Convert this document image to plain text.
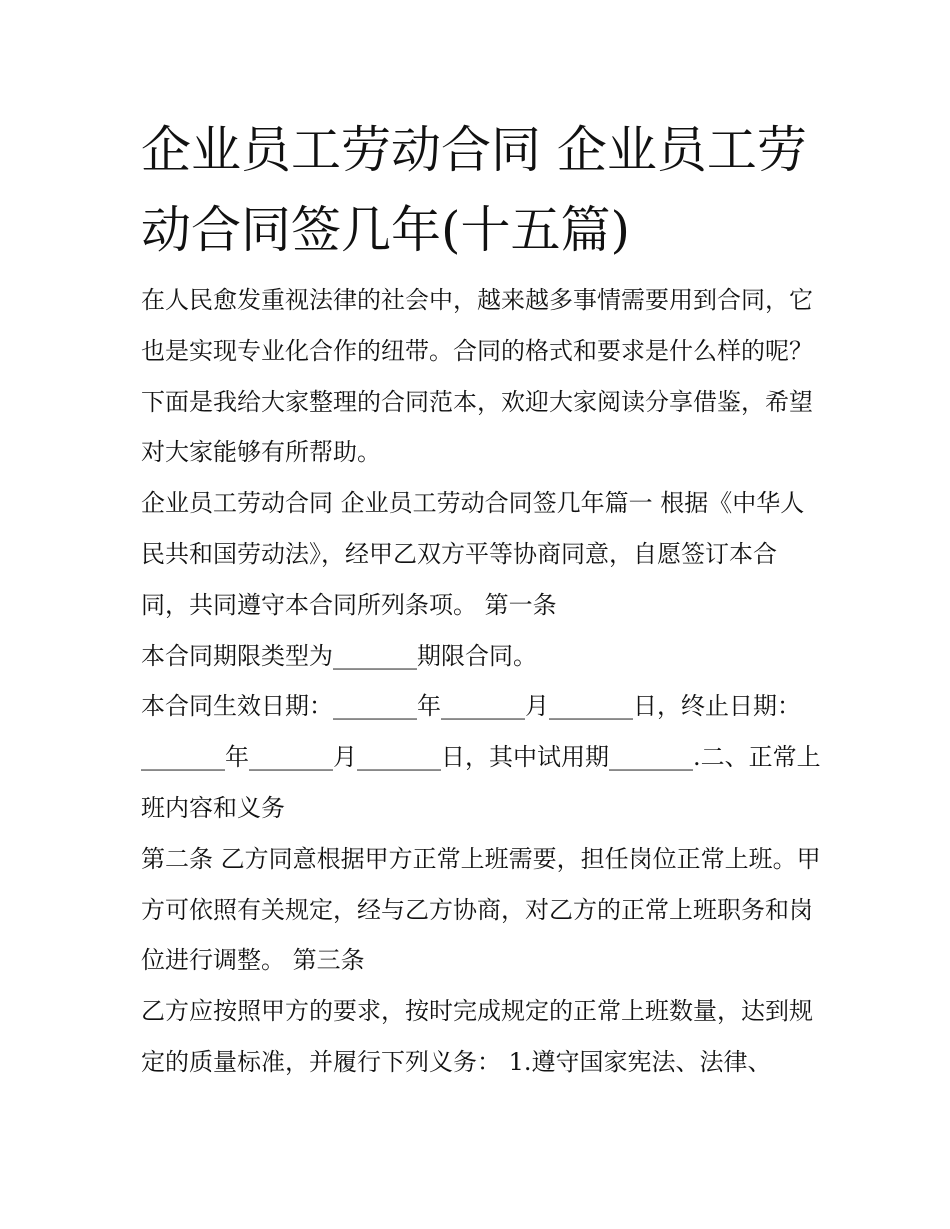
企业员工劳动合同 企业员工劳动合同签几年(十五篇)

在人民愈发重视法律的社会中，越来越多事情需要用到合同，它也是实现专业化合作的纽带。合同的格式和要求是什么样的呢？下面是我给大家整理的合同范本，欢迎大家阅读分享借鉴，希望对大家能够有所帮助。

企业员工劳动合同 企业员工劳动合同签几年篇一 根据《中华人民共和国劳动法》，经甲乙双方平等协商同意，自愿签订本合同，共同遵守本合同所列条项。 第一条

本合同期限类型为_______期限合同。

本合同生效日期：_______年_______月_______日，终止日期：_______年_______月_______日，其中试用期_______.二、正常上班内容和义务

第二条 乙方同意根据甲方正常上班需要，担任岗位正常上班。甲方可依照有关规定，经与乙方协商，对乙方的正常上班职务和岗位进行调整。 第三条

乙方应按照甲方的要求，按时完成规定的正常上班数量，达到规定的质量标准，并履行下列义务： 1.遵守国家宪法、法律、
